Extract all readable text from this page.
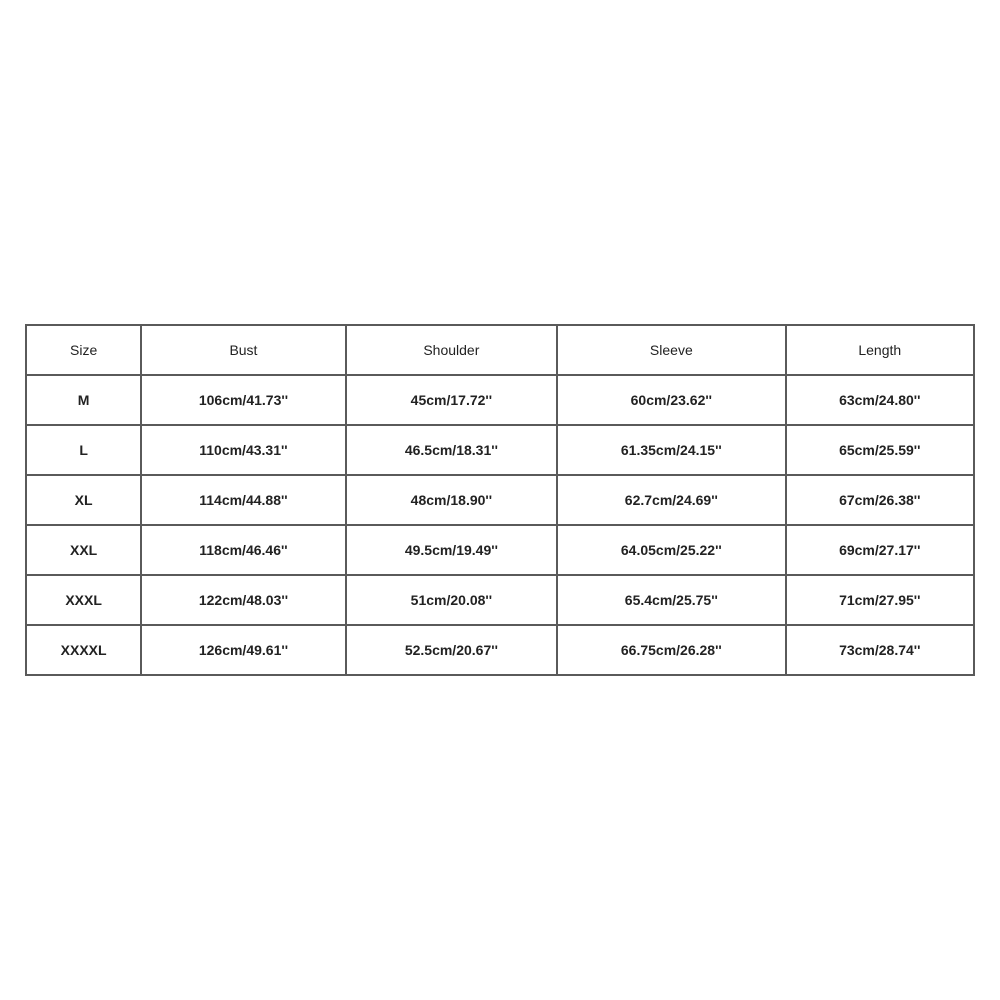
Size	Bust	Shoulder	Sleeve	Length
M	106cm/41.73''	45cm/17.72''	60cm/23.62''	63cm/24.80''
L	110cm/43.31''	46.5cm/18.31''	61.35cm/24.15''	65cm/25.59''
XL	114cm/44.88''	48cm/18.90''	62.7cm/24.69''	67cm/26.38''
XXL	118cm/46.46''	49.5cm/19.49''	64.05cm/25.22''	69cm/27.17''
XXXL	122cm/48.03''	51cm/20.08''	65.4cm/25.75''	71cm/27.95''
XXXXL	126cm/49.61''	52.5cm/20.67''	66.75cm/26.28''	73cm/28.74''
